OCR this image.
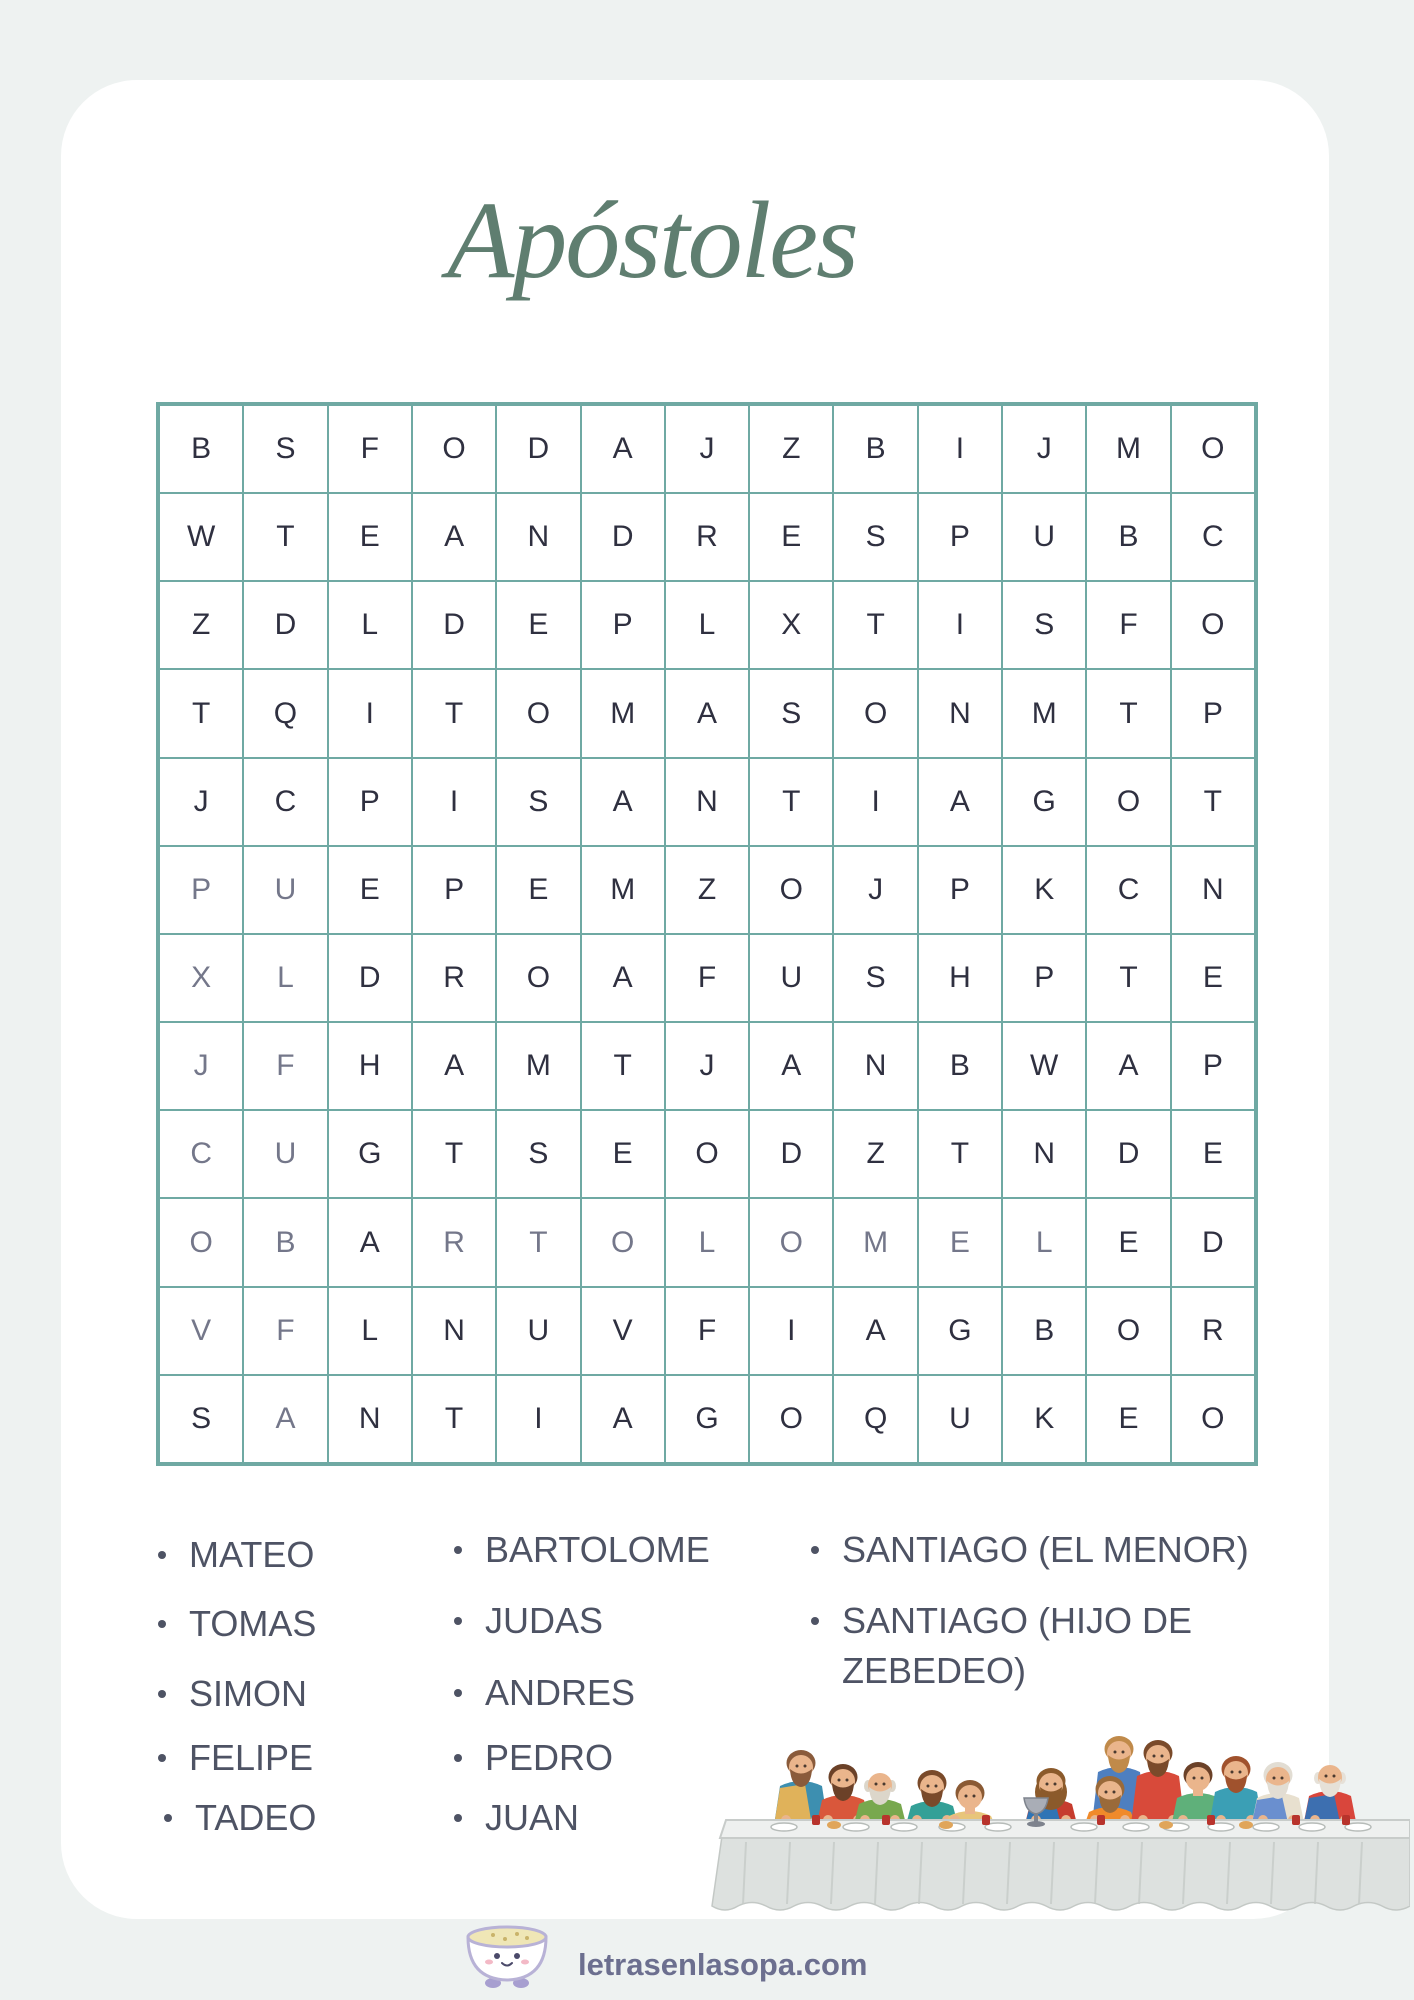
Apóstoles
B	S	F	O	D	A	J	Z	B	I	J	M	O
W	T	E	A	N	D	R	E	S	P	U	B	C
Z	D	L	D	E	P	L	X	T	I	S	F	O
T	Q	I	T	O	M	A	S	O	N	M	T	P
J	C	P	I	S	A	N	T	I	A	G	O	T
P	U	E	P	E	M	Z	O	J	P	K	C	N
X	L	D	R	O	A	F	U	S	H	P	T	E
J	F	H	A	M	T	J	A	N	B	W	A	P
C	U	G	T	S	E	O	D	Z	T	N	D	E
O	B	A	R	T	O	L	O	M	E	L	E	D
V	F	L	N	U	V	F	I	A	G	B	O	R
S	A	N	T	I	A	G	O	Q	U	K	E	O
MATEO
TOMAS
SIMON
FELIPE
TADEO
BARTOLOME
JUDAS
ANDRES
PEDRO
JUAN
SANTIAGO (EL MENOR)
SANTIAGO (HIJO DE ZEBEDEO)
letrasenlasopa.com
